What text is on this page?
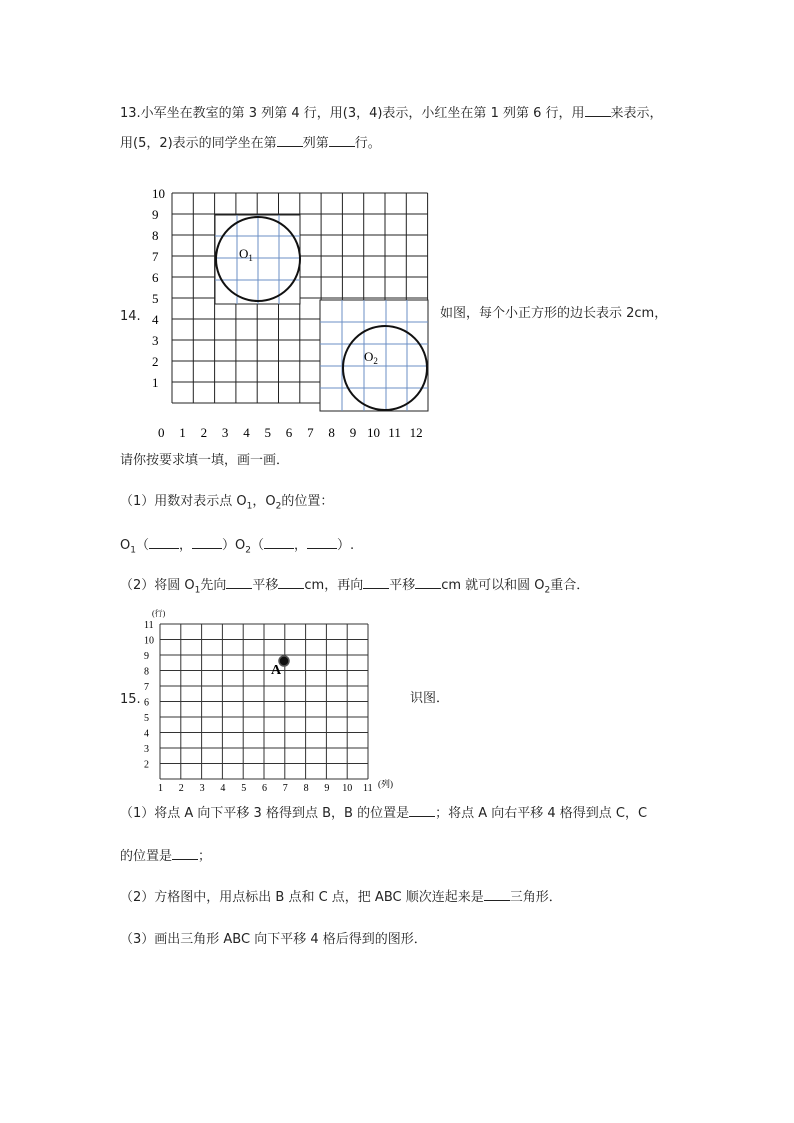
13.小军坐在教室的第 3 列第 4 行，用(3，4)表示，小红坐在第 1 列第 6 行，用 来表示，
用(5，2)表示的同学坐在第 列第 行。
14.
10
9
8
7
6
5
4
3
2
1
0 1 2 3 4 5 6 7 8 9 10 11 12
$O_1$
$O_2$
如图，每个小正方形的边长表示 2cm，
请你按要求填一填，画一画．
（1）用数对表示点 $O_1$，$O_2$的位置：
$O_1$（ ， ）$O_2$（ ， ）.
（2）将圆 $O_1$先向 平移 cm，再向 平移 cm 就可以和圆 $O_2$重合．
15.
(行)
11
10
9
8
7
6
5
4
3
2
1 2 3 4 5 6 7 8 9 10 11 (列)
A
识图．
（1）将点 A 向下平移 3 格得到点 B，B 的位置是 ；将点 A 向右平移 4 格得到点 C，C
的位置是 ；
（2）方格图中，用点标出 B 点和 C 点，把 ABC 顺次连起来是 三角形．
（3）画出三角形 ABC 向下平移 4 格后得到的图形．
